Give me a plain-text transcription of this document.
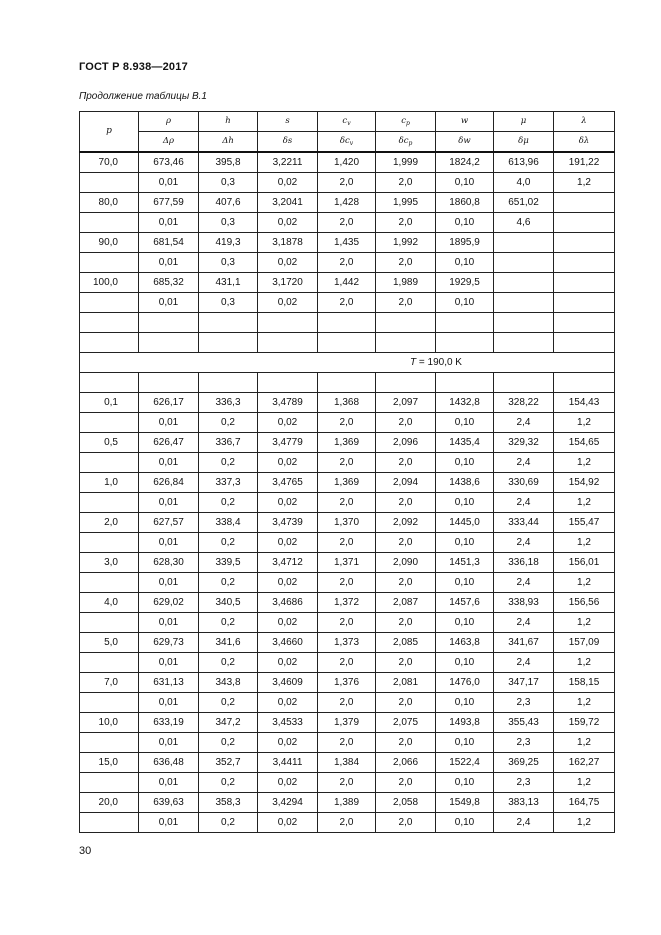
ГОСТ Р 8.938—2017
Продолжение таблицы В.1
p	ρ	h	s	$c_v$	$c_p$	w	μ	λ
	Δρ	Δh	δs	$\delta c_v$	$\delta c_p$	δw	δμ	δλ
70,0	673,46	395,8	3,2211	1,420	1,999	1824,2	613,96	191,22
	0,01	0,3	0,02	2,0	2,0	0,10	4,0	1,2
80,0	677,59	407,6	3,2041	1,428	1,995	1860,8	651,02	
	0,01	0,3	0,02	2,0	2,0	0,10	4,6	
90,0	681,54	419,3	3,1878	1,435	1,992	1895,9		
	0,01	0,3	0,02	2,0	2,0	0,10		
100,0	685,32	431,1	3,1720	1,442	1,989	1929,5		
	0,01	0,3	0,02	2,0	2,0	0,10		

T = 190,0 K								

0,1	626,17	336,3	3,4789	1,368	2,097	1432,8	328,22	154,43
	0,01	0,2	0,02	2,0	2,0	0,10	2,4	1,2
0,5	626,47	336,7	3,4779	1,369	2,096	1435,4	329,32	154,65
	0,01	0,2	0,02	2,0	2,0	0,10	2,4	1,2
1,0	626,84	337,3	3,4765	1,369	2,094	1438,6	330,69	154,92
	0,01	0,2	0,02	2,0	2,0	0,10	2,4	1,2
2,0	627,57	338,4	3,4739	1,370	2,092	1445,0	333,44	155,47
	0,01	0,2	0,02	2,0	2,0	0,10	2,4	1,2
3,0	628,30	339,5	3,4712	1,371	2,090	1451,3	336,18	156,01
	0,01	0,2	0,02	2,0	2,0	0,10	2,4	1,2
4,0	629,02	340,5	3,4686	1,372	2,087	1457,6	338,93	156,56
	0,01	0,2	0,02	2,0	2,0	0,10	2,4	1,2
5,0	629,73	341,6	3,4660	1,373	2,085	1463,8	341,67	157,09
	0,01	0,2	0,02	2,0	2,0	0,10	2,4	1,2
7,0	631,13	343,8	3,4609	1,376	2,081	1476,0	347,17	158,15
	0,01	0,2	0,02	2,0	2,0	0,10	2,3	1,2
10,0	633,19	347,2	3,4533	1,379	2,075	1493,8	355,43	159,72
	0,01	0,2	0,02	2,0	2,0	0,10	2,3	1,2
15,0	636,48	352,7	3,4411	1,384	2,066	1522,4	369,25	162,27
	0,01	0,2	0,02	2,0	2,0	0,10	2,3	1,2
20,0	639,63	358,3	3,4294	1,389	2,058	1549,8	383,13	164,75
	0,01	0,2	0,02	2,0	2,0	0,10	2,4	1,2
30
